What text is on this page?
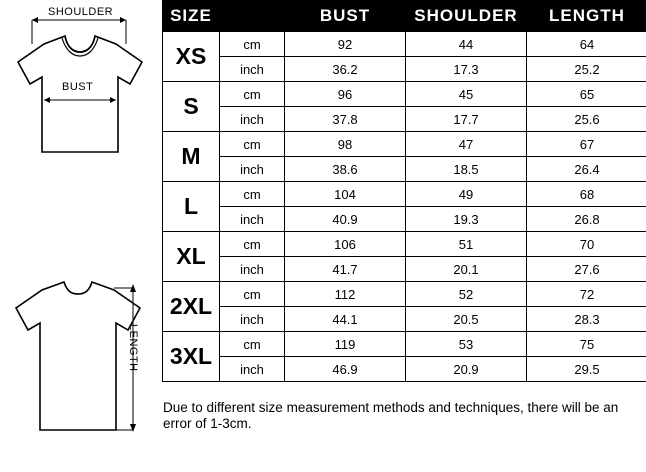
SHOULDER
BUST
LENGTH
SIZE		BUST	SHOULDER	LENGTH
XS	cm	92	44	64
	inch	36.2	17.3	25.2
S	cm	96	45	65
	inch	37.8	17.7	25.6
M	cm	98	47	67
	inch	38.6	18.5	26.4
L	cm	104	49	68
	inch	40.9	19.3	26.8
XL	cm	106	51	70
	inch	41.7	20.1	27.6
2XL	cm	112	52	72
	inch	44.1	20.5	28.3
3XL	cm	119	53	75
	inch	46.9	20.9	29.5
Due to different size measurement methods and techniques, there will be an error of 1-3cm.
